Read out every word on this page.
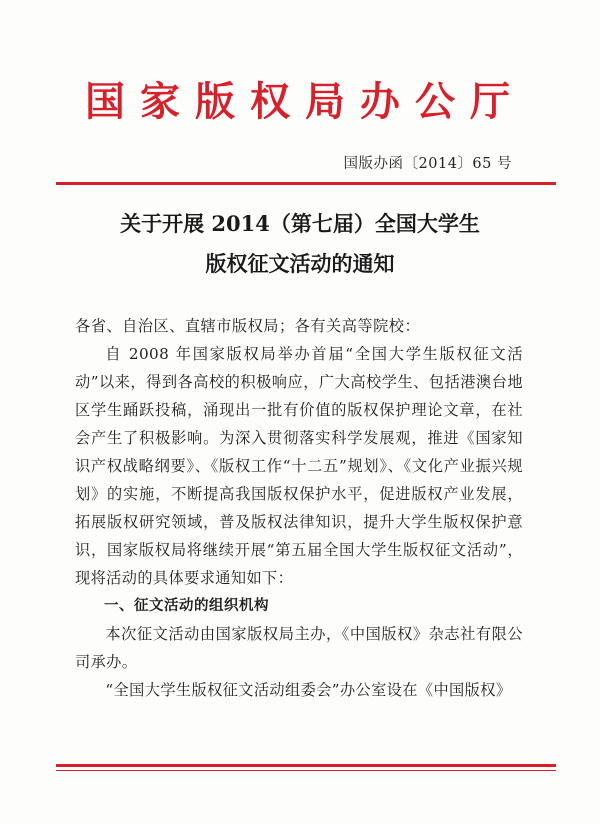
国家版权局办公厅
国版办函〔2014〕65 号
关于开展 2014（第七届）全国大学生
版权征文活动的通知

各省、自治区、直辖市版权局；各有关高等院校：

自 2008 年国家版权局举办首届“全国大学生版权征文活动”以来，得到各高校的积极响应，广大高校学生、包括港澳台地区学生踊跃投稿，涌现出一批有价值的版权保护理论文章，在社会产生了积极影响。为深入贯彻落实科学发展观，推进《国家知识产权战略纲要》、《版权工作“十二五”规划》、《文化产业振兴规划》的实施，不断提高我国版权保护水平，促进版权产业发展，拓展版权研究领域，普及版权法律知识，提升大学生版权保护意识，国家版权局将继续开展“第五届全国大学生版权征文活动”，现将活动的具体要求通知如下：

一、征文活动的组织机构

本次征文活动由国家版权局主办，《中国版权》杂志社有限公司承办。

“全国大学生版权征文活动组委会”办公室设在《中国版权》
